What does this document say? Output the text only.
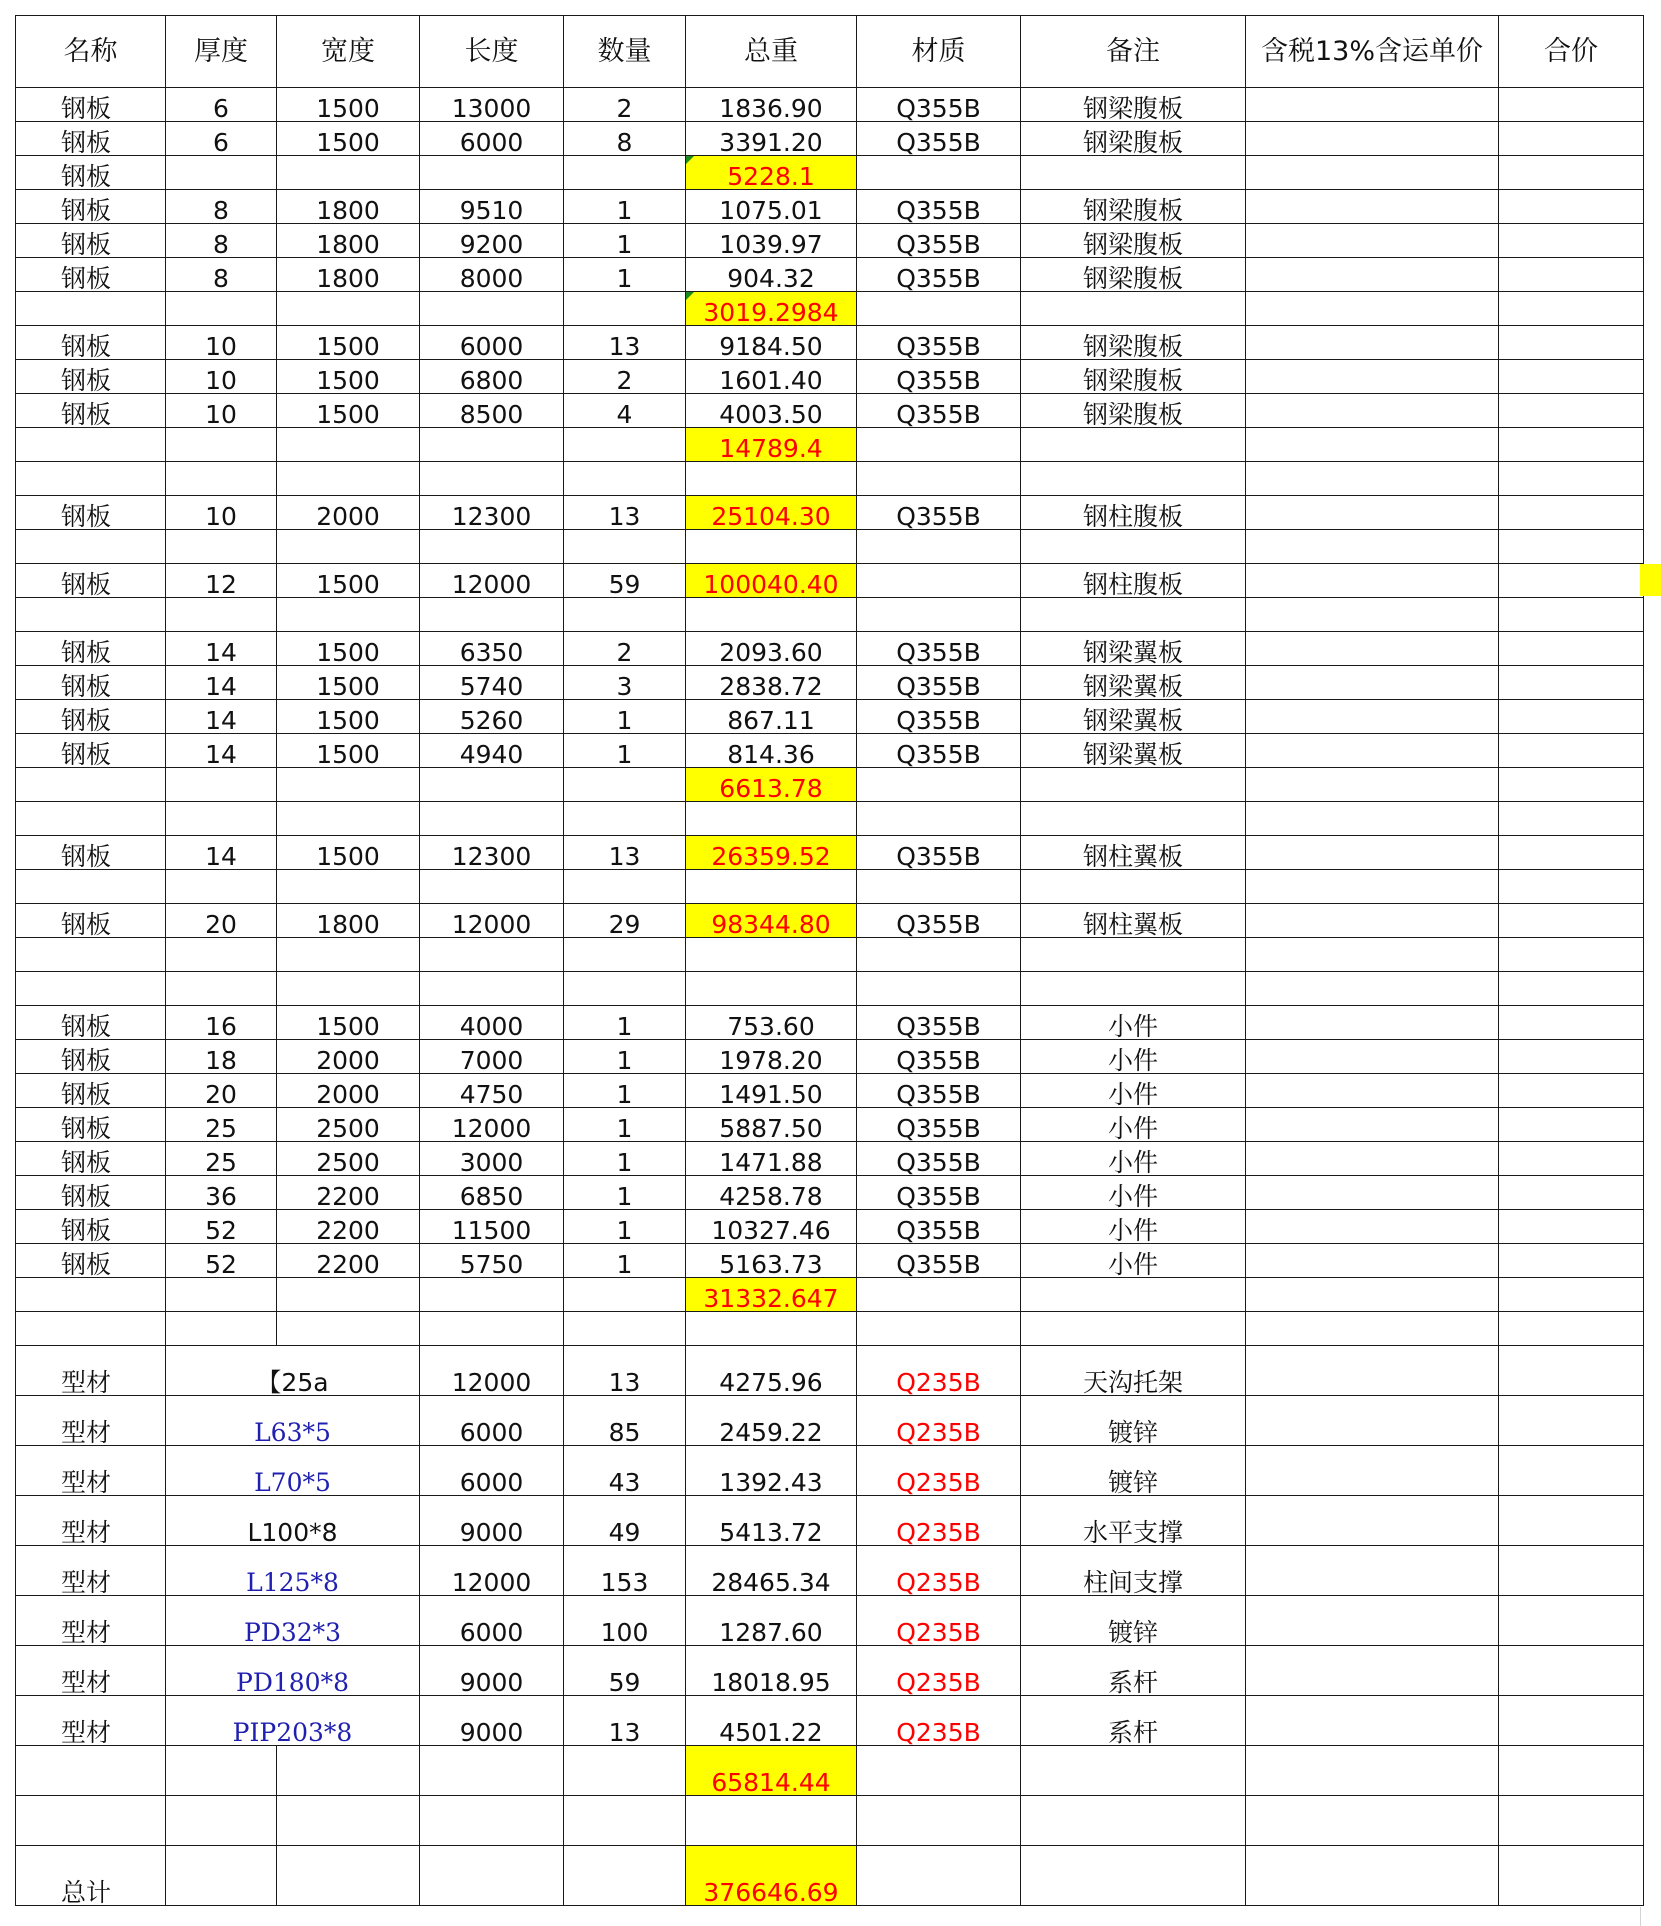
名称	厚度	宽度	长度	数量	总重	材质	备注	含税13%含运单价	合价
钢板	6	1500	13000	2	1836.90	Q355B	钢梁腹板		
钢板	6	1500	6000	8	3391.20	Q355B	钢梁腹板		
钢板					5228.1				
钢板	8	1800	9510	1	1075.01	Q355B	钢梁腹板		
钢板	8	1800	9200	1	1039.97	Q355B	钢梁腹板		
钢板	8	1800	8000	1	904.32	Q355B	钢梁腹板		
					3019.2984				
钢板	10	1500	6000	13	9184.50	Q355B	钢梁腹板		
钢板	10	1500	6800	2	1601.40	Q355B	钢梁腹板		
钢板	10	1500	8500	4	4003.50	Q355B	钢梁腹板		
					14789.4				

钢板	10	2000	12300	13	25104.30	Q355B	钢柱腹板		

钢板	12	1500	12000	59	100040.40		钢柱腹板		

钢板	14	1500	6350	2	2093.60	Q355B	钢梁翼板		
钢板	14	1500	5740	3	2838.72	Q355B	钢梁翼板		
钢板	14	1500	5260	1	867.11	Q355B	钢梁翼板		
钢板	14	1500	4940	1	814.36	Q355B	钢梁翼板		
					6613.78				

钢板	14	1500	12300	13	26359.52	Q355B	钢柱翼板		

钢板	20	1800	12000	29	98344.80	Q355B	钢柱翼板		

钢板	16	1500	4000	1	753.60	Q355B	小件		
钢板	18	2000	7000	1	1978.20	Q355B	小件		
钢板	20	2000	4750	1	1491.50	Q355B	小件		
钢板	25	2500	12000	1	5887.50	Q355B	小件		
钢板	25	2500	3000	1	1471.88	Q355B	小件		
钢板	36	2200	6850	1	4258.78	Q355B	小件		
钢板	52	2200	11500	1	10327.46	Q355B	小件		
钢板	52	2200	5750	1	5163.73	Q355B	小件		
					31332.647				

型材	【25a		12000	13	4275.96	Q235B	天沟托架		
型材	L63*5		6000	85	2459.22	Q235B	镀锌		
型材	L70*5		6000	43	1392.43	Q235B	镀锌		
型材	L100*8		9000	49	5413.72	Q235B	水平支撑		
型材	L125*8		12000	153	28465.34	Q235B	柱间支撑		
型材	PD32*3		6000	100	1287.60	Q235B	镀锌		
型材	PD180*8		9000	59	18018.95	Q235B	系杆		
型材	PIP203*8		9000	13	4501.22	Q235B	系杆		
					65814.44				

总计					376646.69				
